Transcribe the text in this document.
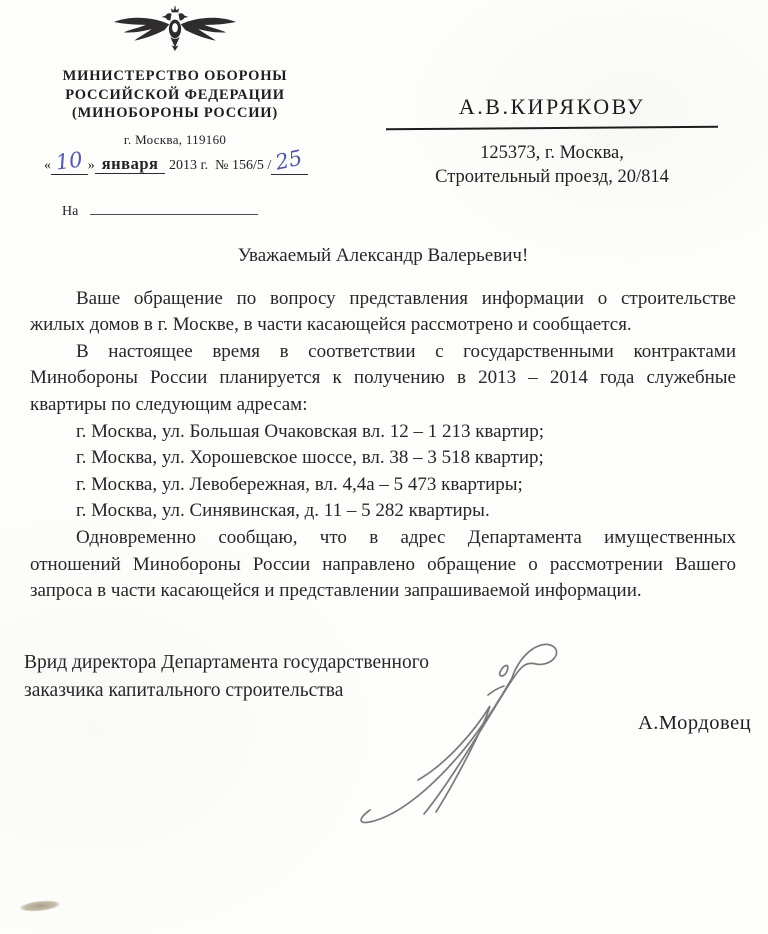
МИНИСТЕРСТВО ОБОРОНЫ
РОССИЙСКОЙ ФЕДЕРАЦИИ
(МИНОБОРОНЫ РОССИИ)
г. Москва, 119160
« 10 » января 2013 г. № 156/5 / 25
На
А.В.КИРЯКОВУ
125373, г. Москва,
Строительный проезд, 20/814
Уважаемый Александр Валерьевич!
Ваше обращение по вопросу представления информации о строительстве
жилых домов в г. Москве, в части касающейся рассмотрено и сообщается.
В настоящее время в соответствии с государственными контрактами
Минобороны России планируется к получению в 2013 – 2014 года служебные
квартиры по следующим адресам:
г. Москва, ул. Большая Очаковская вл. 12 – 1 213 квартир;
г. Москва, ул. Хорошевское шоссе, вл. 38 – 3 518 квартир;
г. Москва, ул. Левобережная, вл. 4,4а – 5 473 квартиры;
г. Москва, ул. Синявинская, д. 11 – 5 282 квартиры.
Одновременно сообщаю, что в адрес Департамента имущественных
отношений Минобороны России направлено обращение о рассмотрении Вашего
запроса в части касающейся и представлении запрашиваемой информации.
Врид директора Департамента государственного
заказчика капитального строительства
А.Мордовец
